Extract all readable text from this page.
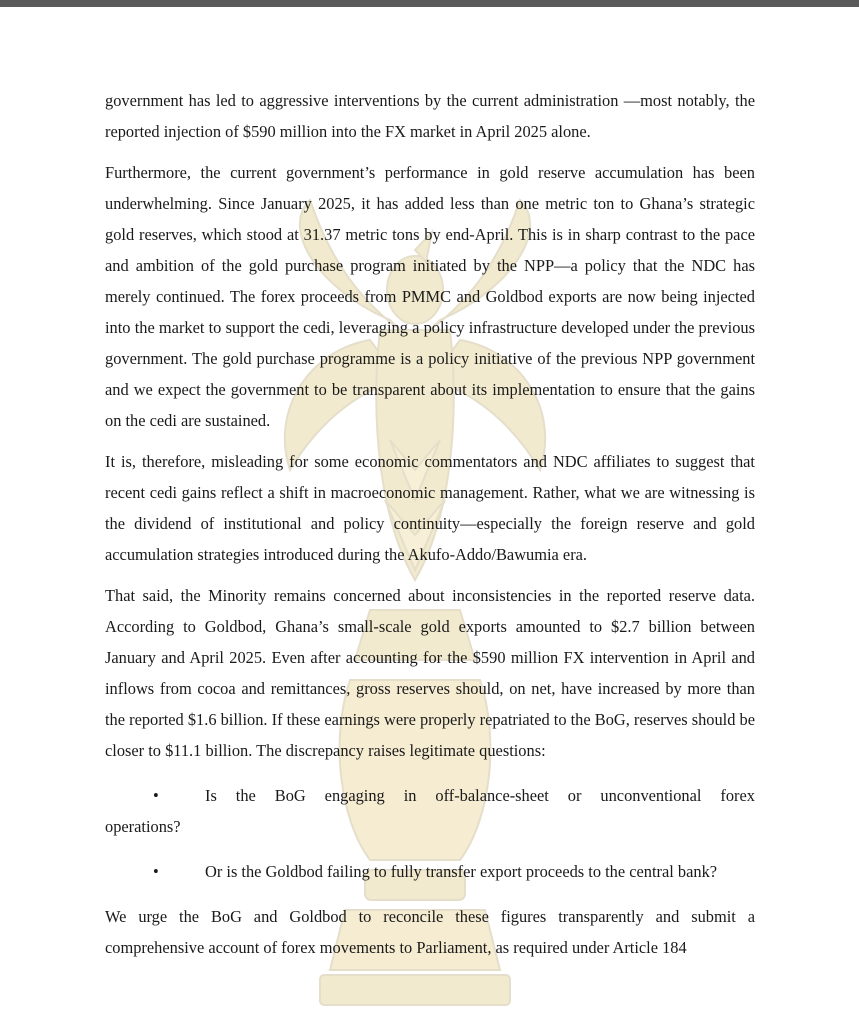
government has led to aggressive interventions by the current administration —most notably, the reported injection of $590 million into the FX market in April 2025 alone.

Furthermore, the current government’s performance in gold reserve accumulation has been underwhelming. Since January 2025, it has added less than one metric ton to Ghana’s strategic gold reserves, which stood at 31.37 metric tons by end-April. This is in sharp contrast to the pace and ambition of the gold purchase program initiated by the NPP—a policy that the NDC has merely continued. The forex proceeds from PMMC and Goldbod exports are now being injected into the market to support the cedi, leveraging a policy infrastructure developed under the previous government. The gold purchase programme is a policy initiative of the previous NPP government and we expect the government to be transparent about its implementation to ensure that the gains on the cedi are sustained.

It is, therefore, misleading for some economic commentators and NDC affiliates to suggest that recent cedi gains reflect a shift in macroeconomic management. Rather, what we are witnessing is the dividend of institutional and policy continuity—especially the foreign reserve and gold accumulation strategies introduced during the Akufo-Addo/Bawumia era.

That said, the Minority remains concerned about inconsistencies in the reported reserve data. According to Goldbod, Ghana’s small-scale gold exports amounted to $2.7 billion between January and April 2025. Even after accounting for the $590 million FX intervention in April and inflows from cocoa and remittances, gross reserves should, on net, have increased by more than the reported $1.6 billion. If these earnings were properly repatriated to the BoG, reserves should be closer to $11.1 billion. The discrepancy raises legitimate questions:

•	Is the BoG engaging in off-balance-sheet or unconventional forex
operations?
•	Or is the Goldbod failing to fully transfer export proceeds to the central bank?

We urge the BoG and Goldbod to reconcile these figures transparently and submit a comprehensive account of forex movements to Parliament, as required under Article 184
